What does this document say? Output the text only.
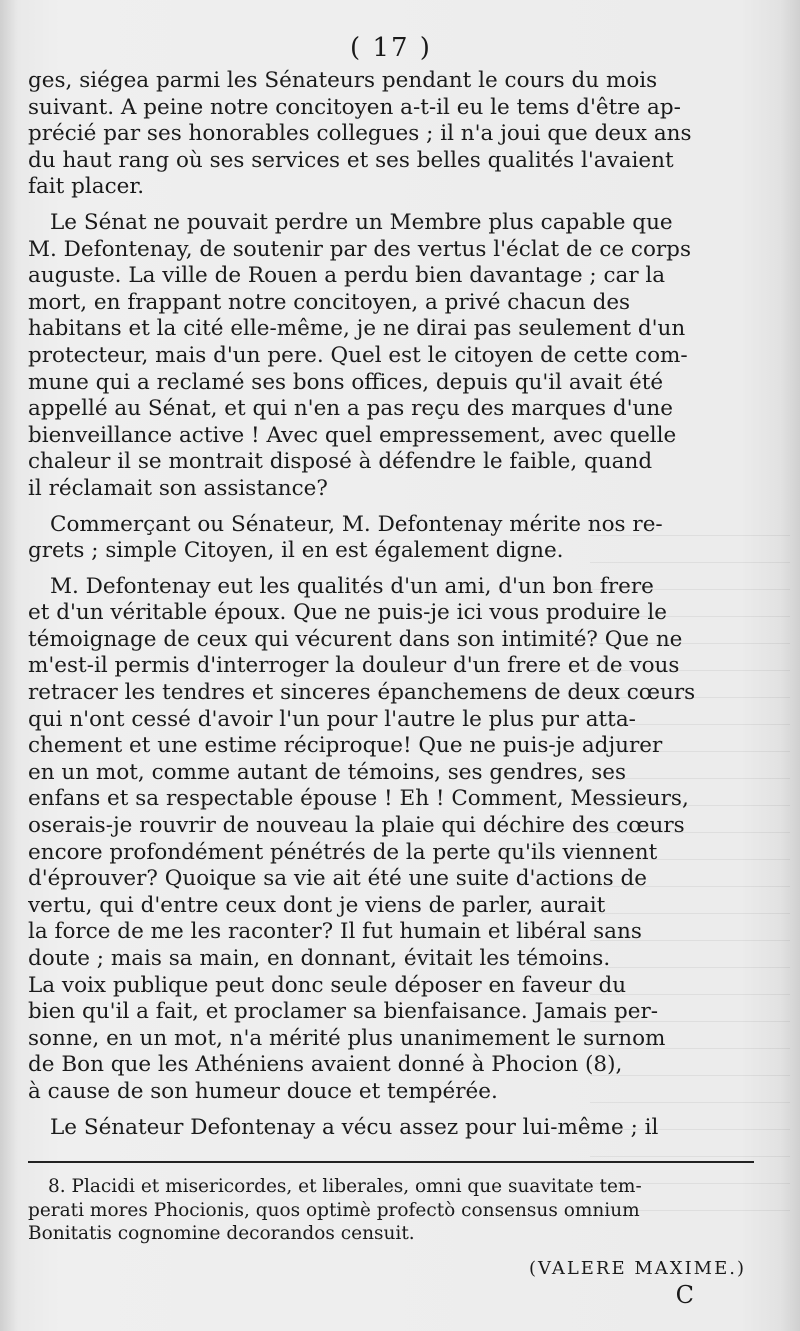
( 17 )

ges, siégea parmi les Sénateurs pendant le cours du mois
suivant. A peine notre concitoyen a-t-il eu le tems d'être ap-
précié par ses honorables collegues ; il n'a joui que deux ans
du haut rang où ses services et ses belles qualités l'avaient
fait placer.

Le Sénat ne pouvait perdre un Membre plus capable que
M. Defontenay, de soutenir par des vertus l'éclat de ce corps
auguste. La ville de Rouen a perdu bien davantage ; car la
mort, en frappant notre concitoyen, a privé chacun des
habitans et la cité elle-même, je ne dirai pas seulement d'un
protecteur, mais d'un pere. Quel est le citoyen de cette com-
mune qui a reclamé ses bons offices, depuis qu'il avait été
appellé au Sénat, et qui n'en a pas reçu des marques d'une
bienveillance active ! Avec quel empressement, avec quelle
chaleur il se montrait disposé à défendre le faible, quand
il réclamait son assistance?

Commerçant ou Sénateur, M. Defontenay mérite nos re-
grets ; simple Citoyen, il en est également digne.

M. Defontenay eut les qualités d'un ami, d'un bon frere
et d'un véritable époux. Que ne puis-je ici vous produire le
témoignage de ceux qui vécurent dans son intimité? Que ne
m'est-il permis d'interroger la douleur d'un frere et de vous
retracer les tendres et sinceres épanchemens de deux cœurs
qui n'ont cessé d'avoir l'un pour l'autre le plus pur atta-
chement et une estime réciproque! Que ne puis-je adjurer
en un mot, comme autant de témoins, ses gendres, ses
enfans et sa respectable épouse ! Eh ! Comment, Messieurs,
oserais-je rouvrir de nouveau la plaie qui déchire des cœurs
encore profondément pénétrés de la perte qu'ils viennent
d'éprouver? Quoique sa vie ait été une suite d'actions de
vertu, qui d'entre ceux dont je viens de parler, aurait
la force de me les raconter? Il fut humain et libéral sans
doute ; mais sa main, en donnant, évitait les témoins.
La voix publique peut donc seule déposer en faveur du
bien qu'il a fait, et proclamer sa bienfaisance. Jamais per-
sonne, en un mot, n'a mérité plus unanimement le surnom
de Bon que les Athéniens avaient donné à Phocion (8),
à cause de son humeur douce et tempérée.

Le Sénateur Defontenay a vécu assez pour lui-même ; il

8. Placidi et misericordes, et liberales, omni que suavitate tem-
perati mores Phocionis, quos optimè profectò consensus omnium
Bonitatis cognomine decorandos censuit.
(VALERE MAXIME.)
C
